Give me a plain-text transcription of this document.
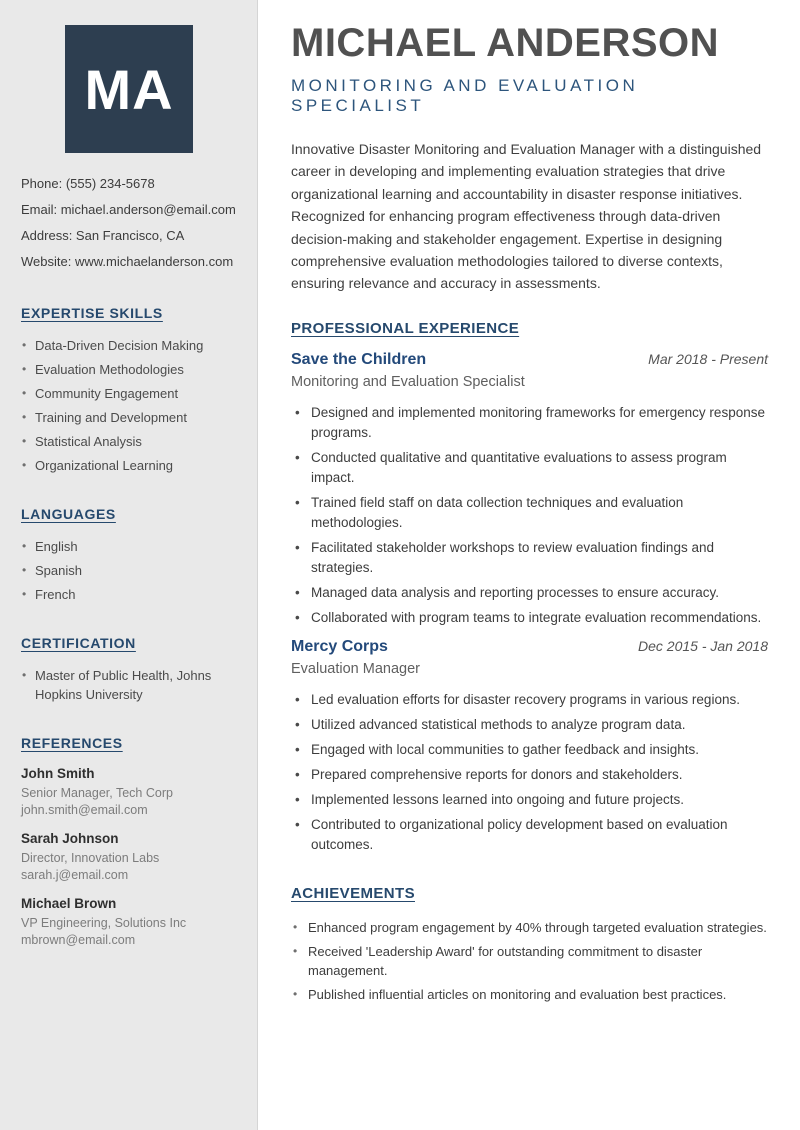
MA
Phone: (555) 234-5678
Email: michael.anderson@email.com
Address: San Francisco, CA
Website: www.michaelanderson.com
EXPERTISE SKILLS
• Data-Driven Decision Making
• Evaluation Methodologies
• Community Engagement
• Training and Development
• Statistical Analysis
• Organizational Learning
LANGUAGES
• English
• Spanish
• French
CERTIFICATION
• Master of Public Health, Johns Hopkins University
REFERENCES
John Smith
Senior Manager, Tech Corp
john.smith@email.com
Sarah Johnson
Director, Innovation Labs
sarah.j@email.com
Michael Brown
VP Engineering, Solutions Inc
mbrown@email.com
MICHAEL ANDERSON
MONITORING AND EVALUATION SPECIALIST

Innovative Disaster Monitoring and Evaluation Manager with a distinguished career in developing and implementing evaluation strategies that drive organizational learning and accountability in disaster response initiatives. Recognized for enhancing program effectiveness through data-driven decision-making and stakeholder engagement. Expertise in designing comprehensive evaluation methodologies tailored to diverse contexts, ensuring relevance and accuracy in assessments.

PROFESSIONAL EXPERIENCE
Save the Children	Mar 2018 - Present
Monitoring and Evaluation Specialist
• Designed and implemented monitoring frameworks for emergency response programs.
• Conducted qualitative and quantitative evaluations to assess program impact.
• Trained field staff on data collection techniques and evaluation methodologies.
• Facilitated stakeholder workshops to review evaluation findings and strategies.
• Managed data analysis and reporting processes to ensure accuracy.
• Collaborated with program teams to integrate evaluation recommendations.
Mercy Corps	Dec 2015 - Jan 2018
Evaluation Manager
• Led evaluation efforts for disaster recovery programs in various regions.
• Utilized advanced statistical methods to analyze program data.
• Engaged with local communities to gather feedback and insights.
• Prepared comprehensive reports for donors and stakeholders.
• Implemented lessons learned into ongoing and future projects.
• Contributed to organizational policy development based on evaluation outcomes.
ACHIEVEMENTS
• Enhanced program engagement by 40% through targeted evaluation strategies.
• Received 'Leadership Award' for outstanding commitment to disaster management.
• Published influential articles on monitoring and evaluation best practices.
